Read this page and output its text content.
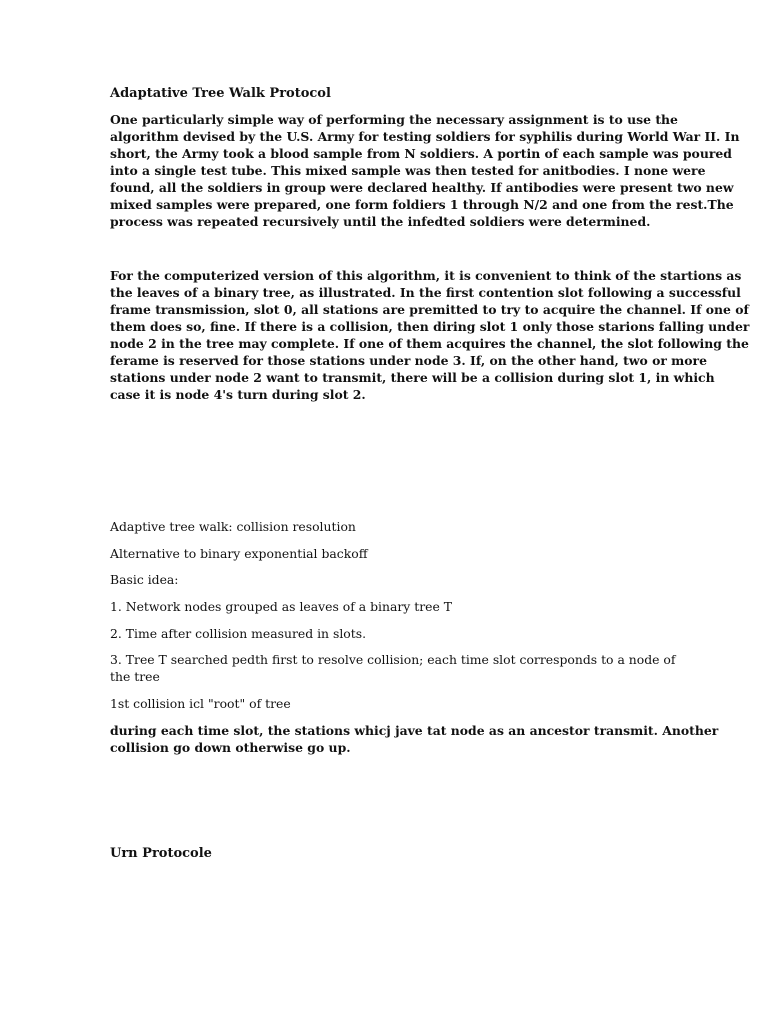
Adaptative Tree Walk Protocol
One particularly simple way of performing the necessary assignment is to use the
algorithm devised by the U.S. Army for testing soldiers for syphilis during World War II. In
short, the Army took a blood sample from N soldiers. A portin of each sample was poured
into a single test tube. This mixed sample was then tested for anitbodies. I none were
found, all the soldiers in group were declared healthy. If antibodies were present two new
mixed samples were prepared, one form foldiers 1 through N/2 and one from the rest.The
process was repeated recursively until the infedted soldiers were determined.
For the computerized version of this algorithm, it is convenient to think of the startions as
the leaves of a binary tree, as illustrated. In the first contention slot following a successful
frame transmission, slot 0, all stations are premitted to try to acquire the channel. If one of
them does so, fine. If there is a collision, then diring slot 1 only those starions falling under
node 2 in the tree may complete. If one of them acquires the channel, the slot following the
ferame is reserved for those stations under node 3. If, on the other hand, two or more
stations under node 2 want to transmit, there will be a collision during slot 1, in which
case it is node 4's turn during slot 2.
Adaptive tree walk: collision resolution
Alternative to binary exponential backoff
Basic idea:
1. Network nodes grouped as leaves of a binary tree T
2. Time after collision measured in slots.
3. Tree T searched pedth first to resolve collision; each time slot corresponds to a node of
the tree
1st collision icl "root" of tree
during each time slot, the stations whicj jave tat node as an ancestor transmit. Another
collision go down otherwise go up.
Urn Protocole
